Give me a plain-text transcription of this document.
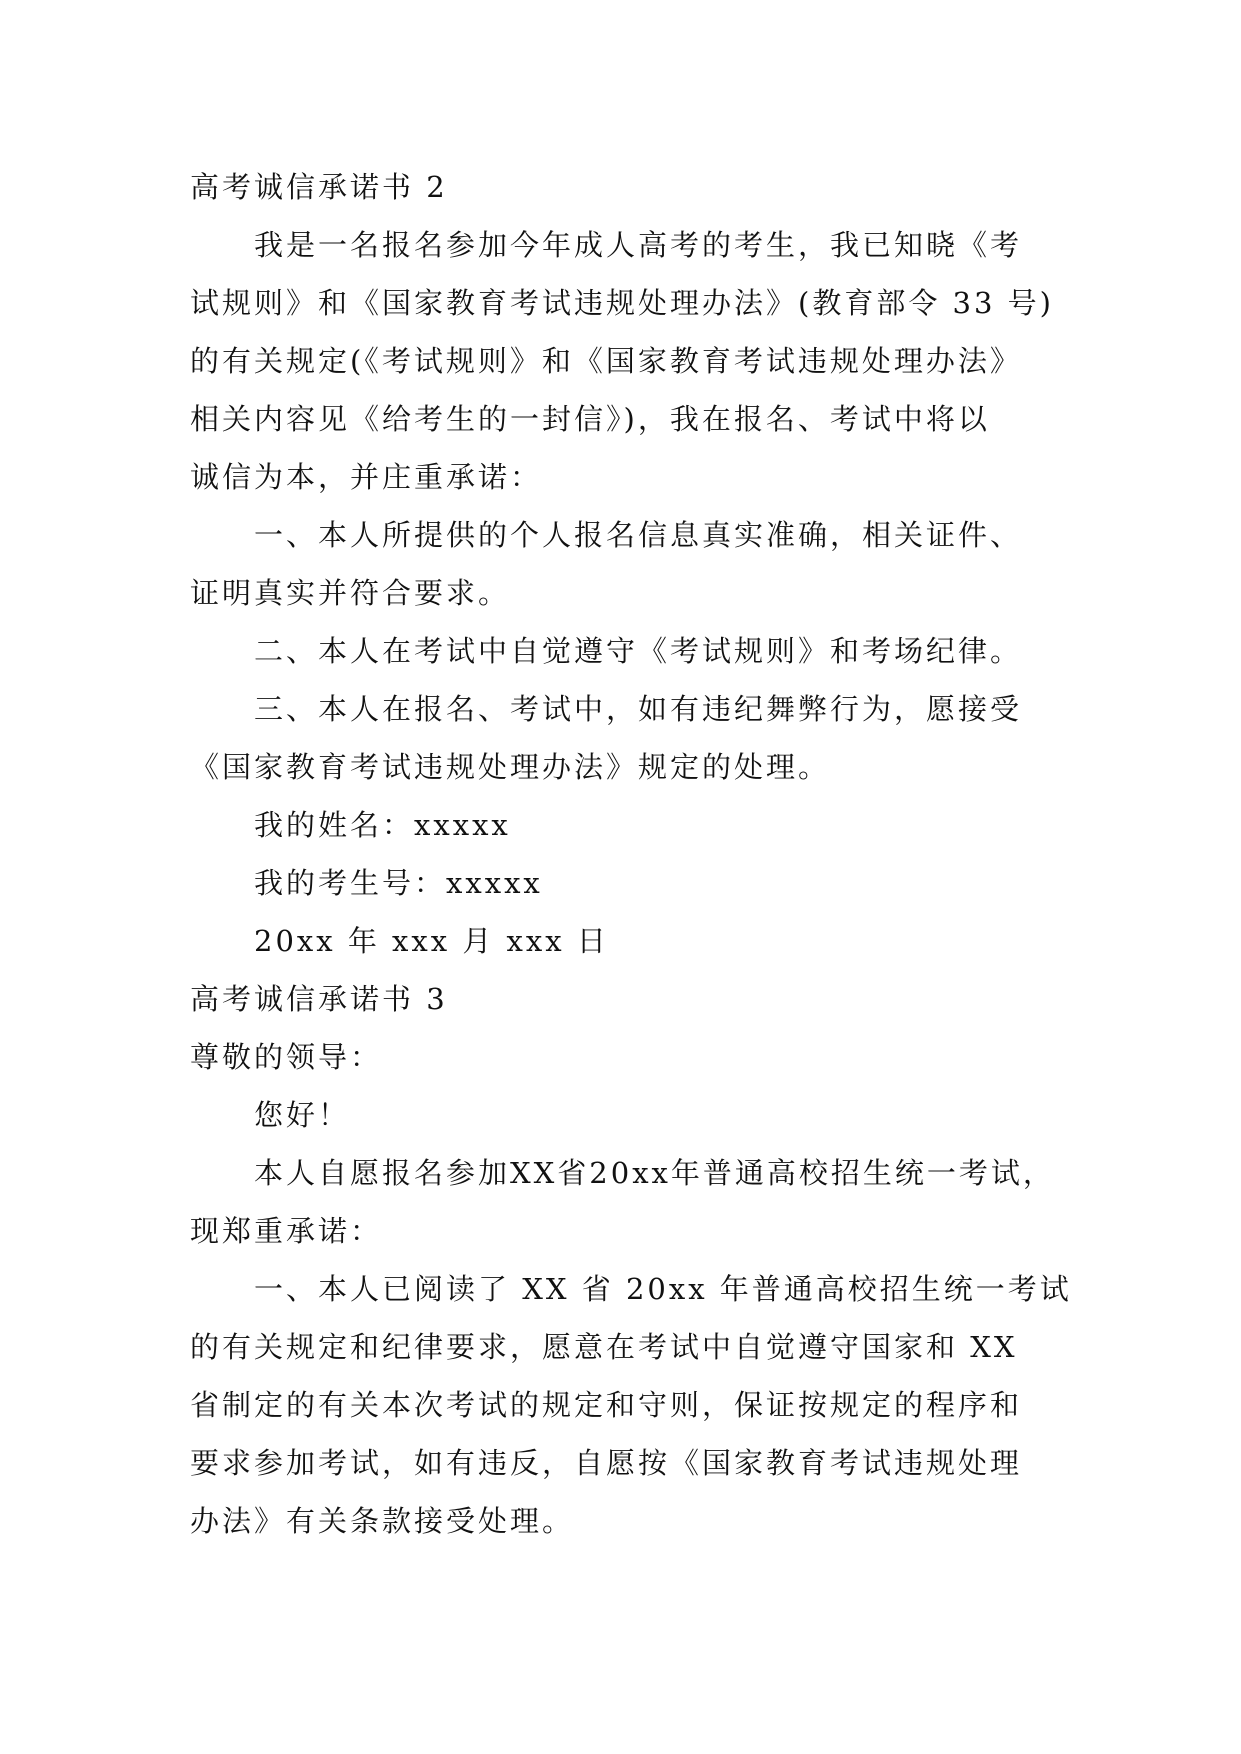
高考诚信承诺书 2
我是一名报名参加今年成人高考的考生，我已知晓《考
试规则》和《国家教育考试违规处理办法》(教育部令 33 号)
的有关规定(《考试规则》和《国家教育考试违规处理办法》
相关内容见《给考生的一封信》)，我在报名、考试中将以
诚信为本，并庄重承诺：
一、本人所提供的个人报名信息真实准确，相关证件、
证明真实并符合要求。
二、本人在考试中自觉遵守《考试规则》和考场纪律。
三、本人在报名、考试中，如有违纪舞弊行为，愿接受
《国家教育考试违规处理办法》规定的处理。
我的姓名：xxxxx
我的考生号：xxxxx
20xx 年 xxx 月 xxx 日
高考诚信承诺书 3
尊敬的领导：
您好！
本人自愿报名参加XX省20xx年普通高校招生统一考试，
现郑重承诺：
一、本人已阅读了 XX 省 20xx 年普通高校招生统一考试
的有关规定和纪律要求，愿意在考试中自觉遵守国家和 XX
省制定的有关本次考试的规定和守则，保证按规定的程序和
要求参加考试，如有违反，自愿按《国家教育考试违规处理
办法》有关条款接受处理。
